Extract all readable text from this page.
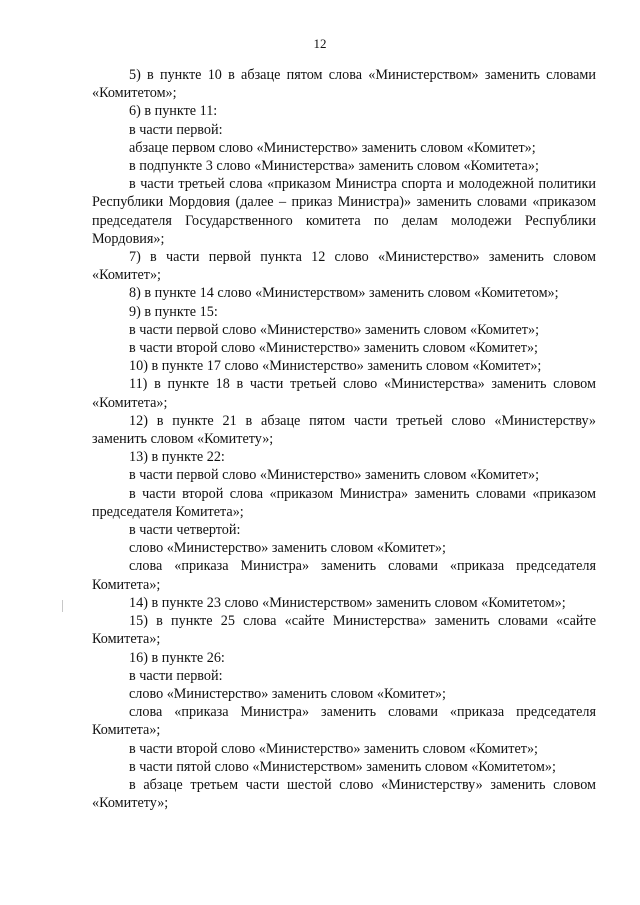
12

5) в пункте 10 в абзаце пятом слова «Министерством» заменить словами «Комитетом»;

6) в пункте 11:

в части первой:

абзаце первом слово «Министерство» заменить словом «Комитет»;

в подпункте 3 слово «Министерства» заменить словом «Комитета»;

в части третьей слова «приказом Министра спорта и молодежной политики Республики Мордовия (далее – приказ Министра)» заменить словами «приказом председателя Государственного комитета по делам молодежи Республики Мордовия»;

7) в части первой пункта 12 слово «Министерство» заменить словом «Комитет»;

8) в пункте 14 слово «Министерством» заменить словом «Комитетом»;

9) в пункте 15:

в части первой слово «Министерство» заменить словом «Комитет»;

в части второй слово «Министерство» заменить словом «Комитет»;

10) в пункте 17 слово «Министерство» заменить словом «Комитет»;

11) в пункте 18 в части третьей слово «Министерства» заменить словом «Комитета»;

12) в пункте 21 в абзаце пятом части третьей слово «Министерству» заменить словом «Комитету»;

13) в пункте 22:

в части первой слово «Министерство» заменить словом «Комитет»;

в части второй слова «приказом Министра» заменить словами «приказом председателя Комитета»;

в части четвертой:

слово «Министерство» заменить словом «Комитет»;

слова «приказа Министра» заменить словами «приказа председателя Комитета»;

14) в пункте 23 слово «Министерством» заменить словом «Комитетом»;

15) в пункте 25 слова «сайте Министерства» заменить словами «сайте Комитета»;

16) в пункте 26:

в части первой:

слово «Министерство» заменить словом «Комитет»;

слова «приказа Министра» заменить словами «приказа председателя Комитета»;

в части второй слово «Министерство» заменить словом «Комитет»;

в части пятой слово «Министерством» заменить словом «Комитетом»;

в абзаце третьем части шестой слово «Министерству» заменить словом «Комитету»;
